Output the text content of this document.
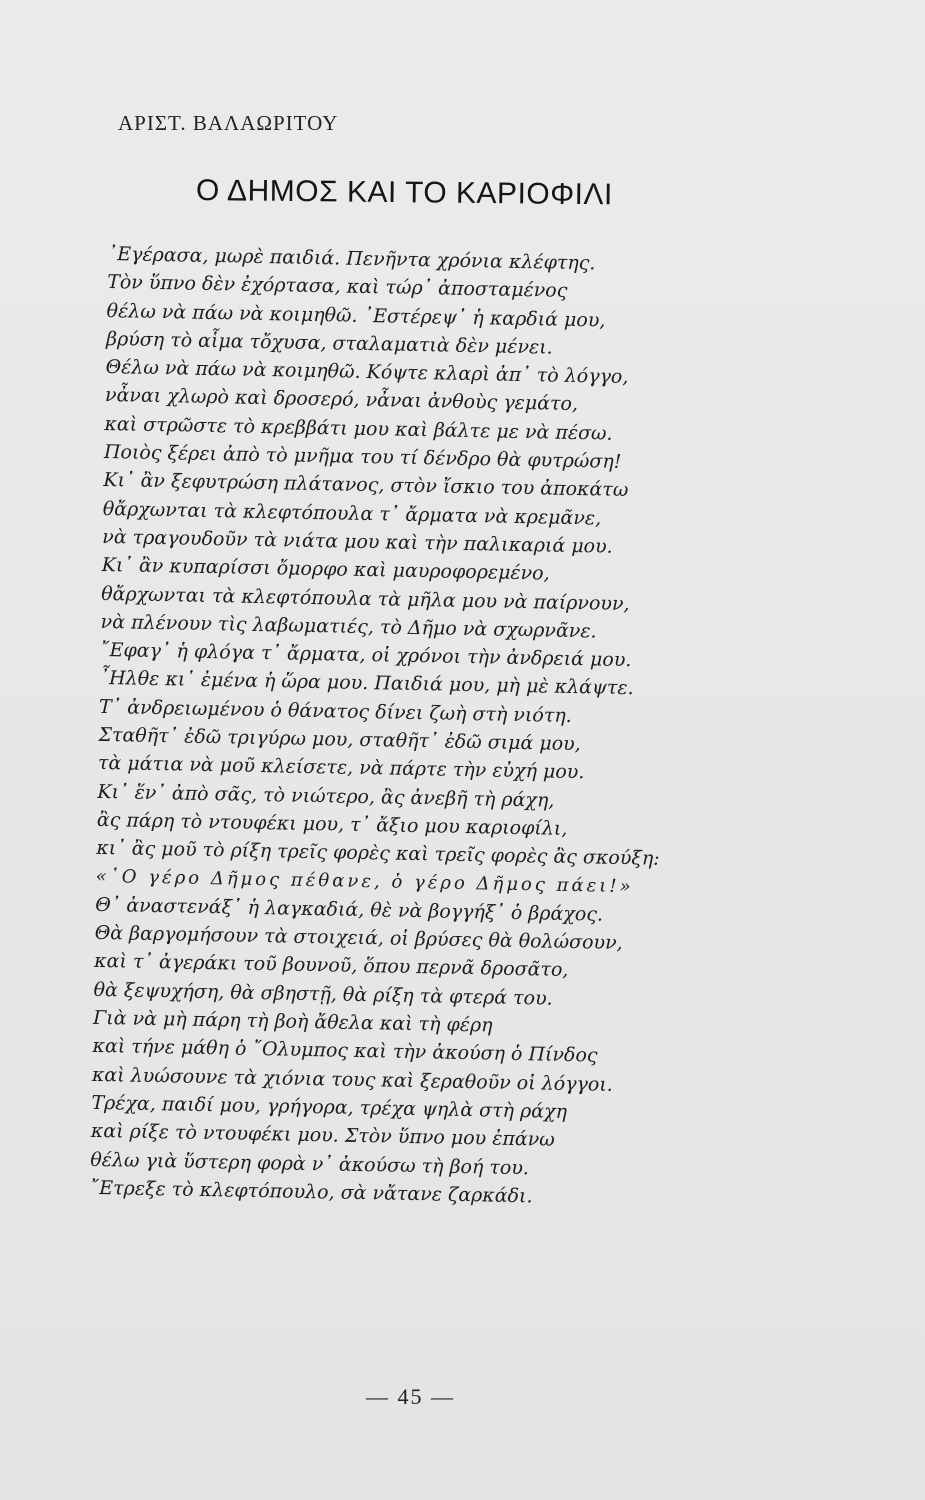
ΑΡΙΣΤ. ΒΑΛΑΩΡΙΤΟΥ
Ο ΔΗΜΟΣ ΚΑΙ ΤΟ ΚΑΡΙΟΦΙΛΙ
᾿Εγέρασα, μωρὲ παιδιά. Πενῆντα χρόνια κλέφτης.
Τὸν ὕπνο δὲν ἐχόρτασα, καὶ τώρ᾿ ἀποσταμένος
θέλω νὰ πάω νὰ κοιμηθῶ. ᾿Εστέρεψ᾿ ἡ καρδιά μου,
βρύση τὸ αἷμα τὄχυσα, σταλαματιὰ δὲν μένει.
Θέλω νὰ πάω νὰ κοιμηθῶ. Κόψτε κλαρὶ ἀπ᾿ τὸ λόγγο,
νἆναι χλωρὸ καὶ δροσερό, νἆναι ἀνθοὺς γεμάτο,
καὶ στρῶστε τὸ κρεββάτι μου καὶ βάλτε με νὰ πέσω.
Ποιὸς ξέρει ἀπὸ τὸ μνῆμα του τί δένδρο θὰ φυτρώση!
Κι᾿ ἂν ξεφυτρώση πλάτανος, στὸν ἴσκιο του ἀποκάτω
θἄρχωνται τὰ κλεφτόπουλα τ᾿ ἄρματα νὰ κρεμᾶνε,
νὰ τραγουδοῦν τὰ νιάτα μου καὶ τὴν παλικαριά μου.
Κι᾿ ἂν κυπαρίσσι ὄμορφο καὶ μαυροφορεμένο,
θἄρχωνται τὰ κλεφτόπουλα τὰ μῆλα μου νὰ παίρνουν,
νὰ πλένουν τὶς λαβωματιές, τὸ Δῆμο νὰ σχωρνᾶνε.
῎Εφαγ᾿ ἡ φλόγα τ᾿ ἄρματα, οἱ χρόνοι τὴν ἀνδρειά μου.
῏Ηλθε κι᾿ ἐμένα ἡ ὥρα μου. Παιδιά μου, μὴ μὲ κλάψτε.
Τ᾿ ἀνδρειωμένου ὁ θάνατος δίνει ζωὴ στὴ νιότη.
Σταθῆτ᾿ ἐδῶ τριγύρω μου, σταθῆτ᾿ ἐδῶ σιμά μου,
τὰ μάτια νὰ μοῦ κλείσετε, νὰ πάρτε τὴν εὐχή μου.
Κι᾿ ἕν᾿ ἀπὸ σᾶς, τὸ νιώτερο, ἂς ἀνεβῆ τὴ ράχη,
ἂς πάρη τὸ ντουφέκι μου, τ᾿ ἄξιο μου καριοφίλι,
κι᾿ ἂς μοῦ τὸ ρίξη τρεῖς φορὲς καὶ τρεῖς φορὲς ἂς σκούξη:
«῾Ο γέρο Δῆμος πέθανε, ὁ γέρο Δῆμος πάει!»
Θ᾿ ἀναστενάξ᾿ ἡ λαγκαδιά, θὲ νὰ βογγήξ᾿ ὁ βράχος.
Θὰ βαργομήσουν τὰ στοιχειά, οἱ βρύσες θὰ θολώσουν,
καὶ τ᾿ ἀγεράκι τοῦ βουνοῦ, ὅπου περνᾶ δροσᾶτο,
θὰ ξεψυχήση, θὰ σβηστῇ, θὰ ρίξη τὰ φτερά του.
Γιὰ νὰ μὴ πάρη τὴ βοὴ ἄθελα καὶ τὴ φέρη
καὶ τήνε μάθη ὁ ῎Ολυμπος καὶ τὴν ἀκούση ὁ Πίνδος
καὶ λυώσουνε τὰ χιόνια τους καὶ ξεραθοῦν οἱ λόγγοι.
Τρέχα, παιδί μου, γρήγορα, τρέχα ψηλὰ στὴ ράχη
καὶ ρίξε τὸ ντουφέκι μου. Στὸν ὕπνο μου ἐπάνω
θέλω γιὰ ὕστερη φορὰ ν᾿ ἀκούσω τὴ βοή του.
῎Ετρεξε τὸ κλεφτόπουλο, σὰ νἄτανε ζαρκάδι.
— 45 —
